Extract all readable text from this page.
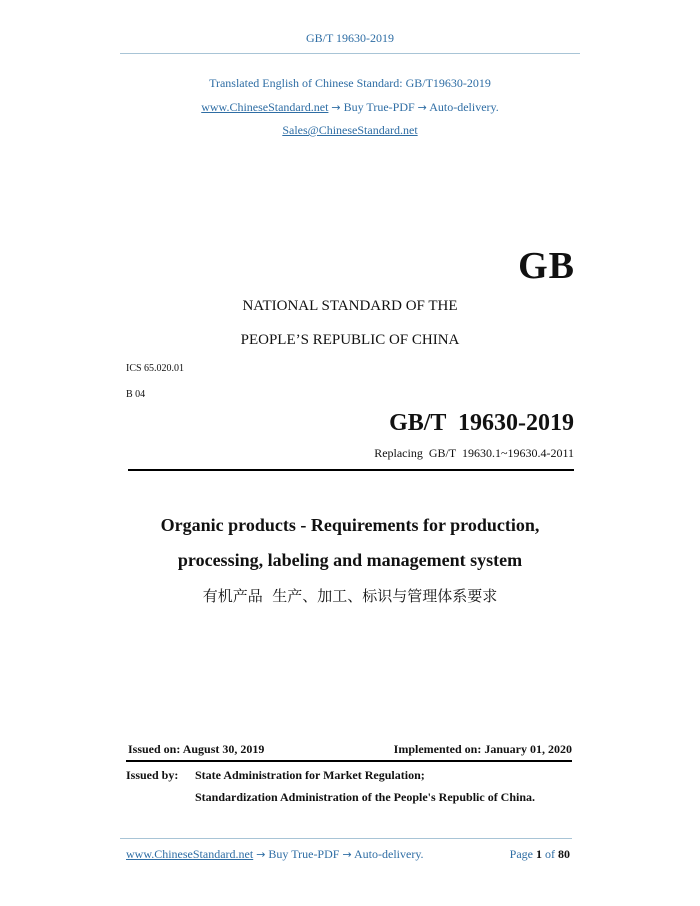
GB/T 19630-2019
Translated English of Chinese Standard: GB/T19630-2019
www.ChineseStandard.net → Buy True-PDF → Auto-delivery.
Sales@ChineseStandard.net
GB
NATIONAL STANDARD OF THE
PEOPLE’S REPUBLIC OF CHINA
ICS 65.020.01
B 04
GB/T  19630-2019
Replacing  GB/T  19630.1~19630.4-2011
Organic products - Requirements for production,
processing, labeling and management system
有机产品  生产、加工、标识与管理体系要求
Issued on: August 30, 2019	Implemented on: January 01, 2020
Issued by: State Administration for Market Regulation;
Standardization Administration of the People's Republic of China.
www.ChineseStandard.net → Buy True-PDF → Auto-delivery.	Page 1 of 80
